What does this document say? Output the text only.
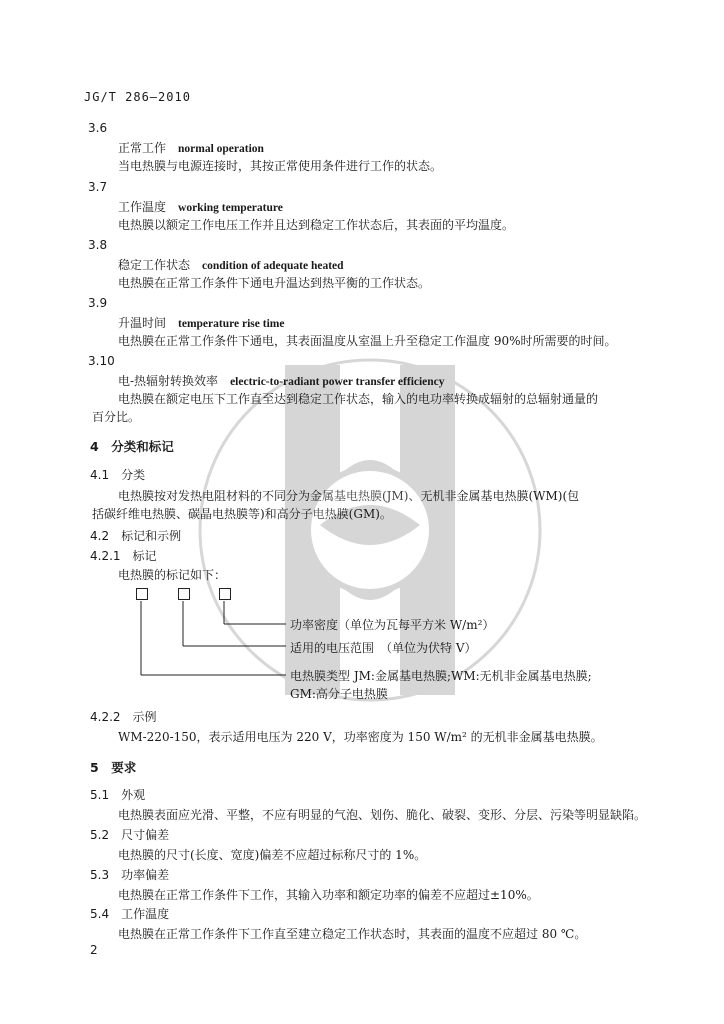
JG/T 286—2010
3.6
正常工作 normal operation
当电热膜与电源连接时，其按正常使用条件进行工作的状态。
3.7
工作温度 working temperature
电热膜以额定工作电压工作并且达到稳定工作状态后，其表面的平均温度。
3.8
稳定工作状态 condition of adequate heated
电热膜在正常工作条件下通电升温达到热平衡的工作状态。
3.9
升温时间 temperature rise time
电热膜在正常工作条件下通电，其表面温度从室温上升至稳定工作温度 90%时所需要的时间。
3.10
电-热辐射转换效率 electric-to-radiant power transfer efficiency
电热膜在额定电压下工作直至达到稳定工作状态，输入的电功率转换成辐射的总辐射通量的
百分比。
4　分类和标记
4.1　分类
电热膜按对发热电阻材料的不同分为金属基电热膜(JM)、无机非金属基电热膜(WM)(包
括碳纤维电热膜、碳晶电热膜等)和高分子电热膜(GM)。
4.2　标记和示例
4.2.1　标记
电热膜的标记如下：
功率密度（单位为瓦每平方米 W/m²）
适用的电压范围　（单位为伏特 V）
电热膜类型 JM:金属基电热膜;WM:无机非金属基电热膜;
GM:高分子电热膜
4.2.2　示例
WM-220-150，表示适用电压为 220 V，功率密度为 150 W/m² 的无机非金属基电热膜。
5　要求
5.1　外观
电热膜表面应光滑、平整，不应有明显的气泡、划伤、脆化、破裂、变形、分层、污染等明显缺陷。
5.2　尺寸偏差
电热膜的尺寸(长度、宽度)偏差不应超过标称尺寸的 1%。
5.3　功率偏差
电热膜在正常工作条件下工作，其输入功率和额定功率的偏差不应超过±10%。
5.4　工作温度
电热膜在正常工作条件下工作直至建立稳定工作状态时，其表面的温度不应超过 80 ℃。
2
